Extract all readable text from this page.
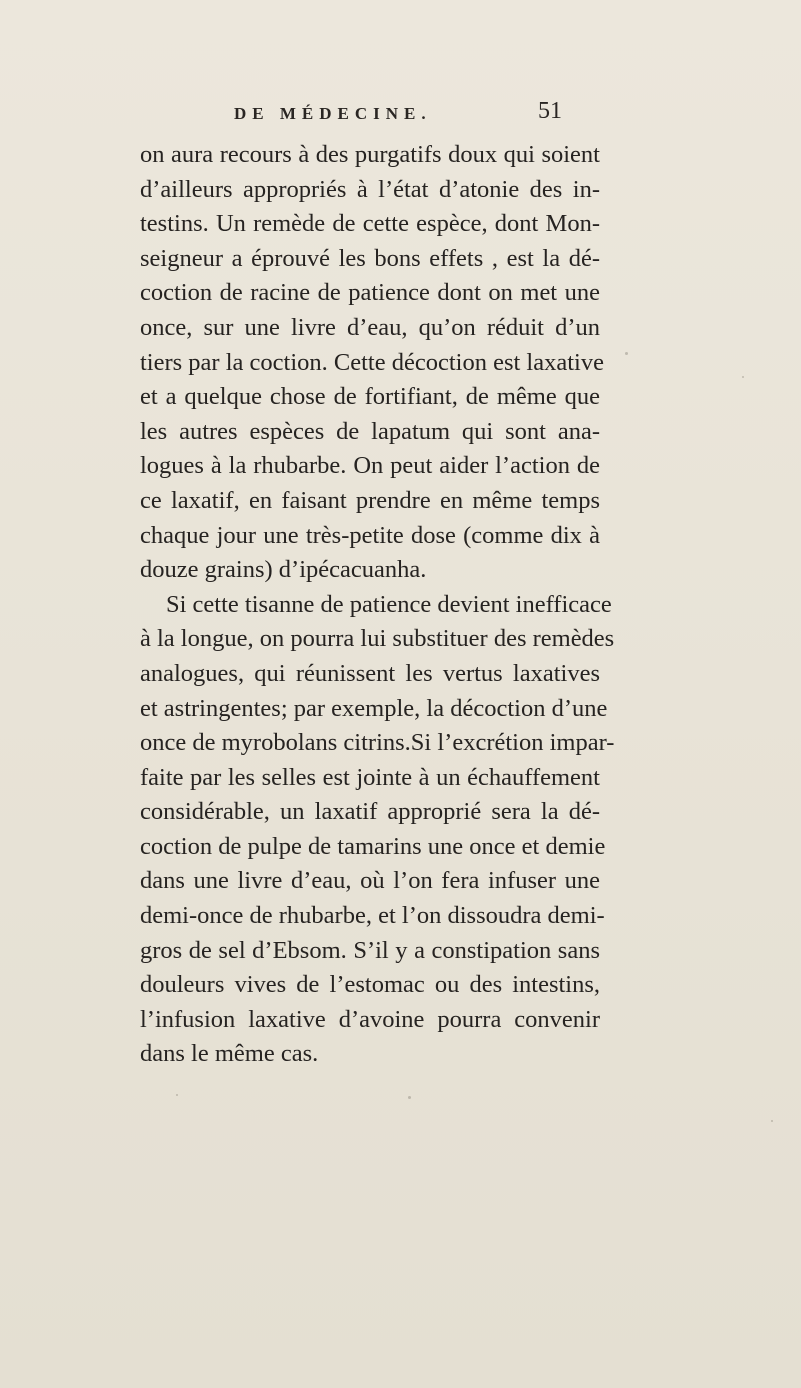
DE MÉDECINE.	51
on aura recours à des purgatifs doux qui soient
d’ailleurs appropriés à l’état d’atonie des in-
testins. Un remède de cette espèce, dont Mon-
seigneur a éprouvé les bons effets , est la dé-
coction de racine de patience dont on met une
once, sur une livre d’eau, qu’on réduit d’un
tiers par la coction. Cette décoction est laxative
et a quelque chose de fortifiant, de même que
les autres espèces de lapatum qui sont ana-
logues à la rhubarbe. On peut aider l’action de
ce laxatif, en faisant prendre en même temps
chaque jour une très-petite dose (comme dix à
douze grains) d’ipécacuanha.
Si cette tisanne de patience devient inefficace
à la longue, on pourra lui substituer des remèdes
analogues, qui réunissent les vertus laxatives
et astringentes; par exemple, la décoction d’une
once de myrobolans citrins.Si l’excrétion impar-
faite par les selles est jointe à un échauffement
considérable, un laxatif approprié sera la dé-
coction de pulpe de tamarins une once et demie
dans une livre d’eau, où l’on fera infuser une
demi-once de rhubarbe, et l’on dissoudra demi-
gros de sel d’Ebsom. S’il y a constipation sans
douleurs vives de l’estomac ou des intestins,
l’infusion laxative d’avoine pourra convenir
dans le même cas.
